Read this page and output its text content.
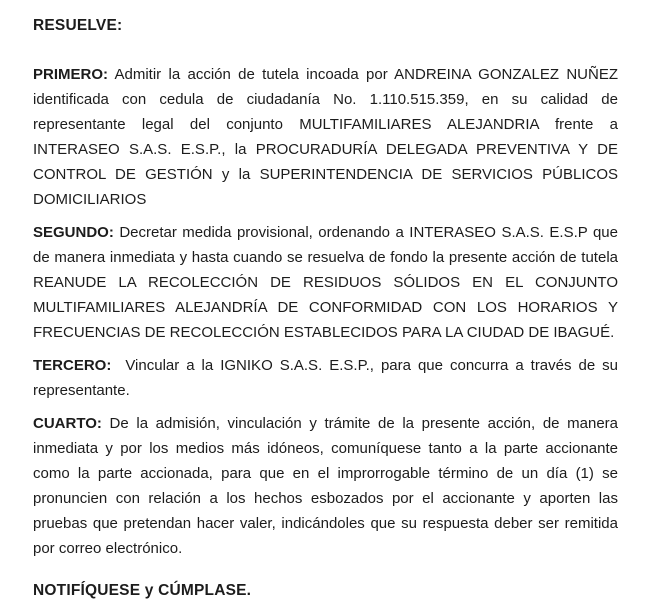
RESUELVE:

PRIMERO: Admitir la acción de tutela incoada por ANDREINA GONZALEZ NUÑEZ identificada con cedula de ciudadanía No. 1.110.515.359, en su calidad de representante legal del conjunto MULTIFAMILIARES ALEJANDRIA frente a INTERASEO S.A.S. E.S.P., la PROCURADURÍA DELEGADA PREVENTIVA Y DE CONTROL DE GESTIÓN y la SUPERINTENDENCIA DE SERVICIOS PÚBLICOS DOMICILIARIOS

SEGUNDO: Decretar medida provisional, ordenando a INTERASEO S.A.S. E.S.P que de manera inmediata y hasta cuando se resuelva de fondo la presente acción de tutela REANUDE LA RECOLECCIÓN DE RESIDUOS SÓLIDOS EN EL CONJUNTO MULTIFAMILIARES ALEJANDRÍA DE CONFORMIDAD CON LOS HORARIOS Y FRECUENCIAS DE RECOLECCIÓN ESTABLECIDOS PARA LA CIUDAD DE IBAGUÉ.

TERCERO: Vincular a la IGNIKO S.A.S. E.S.P., para que concurra a través de su representante.

CUARTO: De la admisión, vinculación y trámite de la presente acción, de manera inmediata y por los medios más idóneos, comuníquese tanto a la parte accionante como la parte accionada, para que en el improrrogable término de un día (1) se pronuncien con relación a los hechos esbozados por el accionante y aporten las pruebas que pretendan hacer valer, indicándoles que su respuesta deber ser remitida por correo electrónico.

NOTIFÍQUESE y CÚMPLASE.
